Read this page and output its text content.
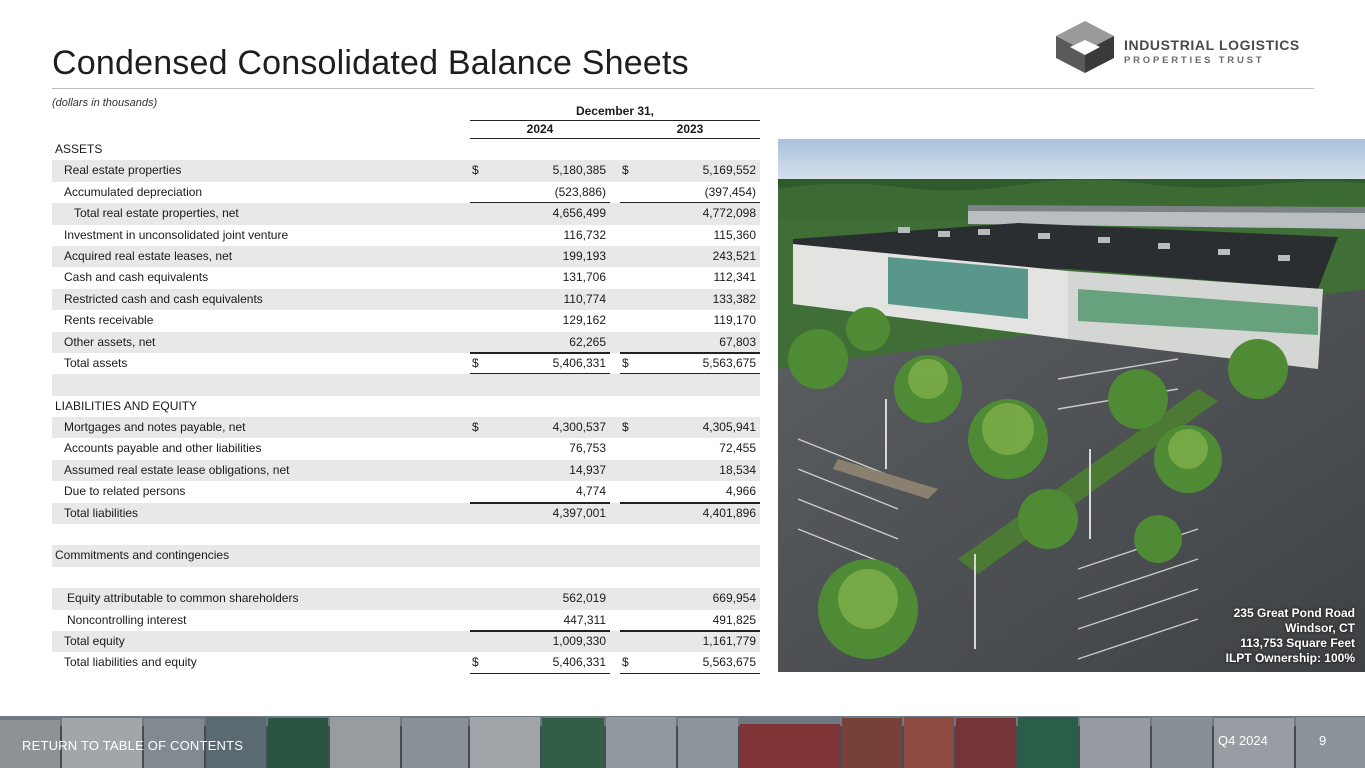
Condensed Consolidated Balance Sheets	INDUSTRIAL LOGISTICS
PROPERTIES TRUST
(dollars in thousands)
December 31,
2024	2023
ASSETS
Real estate properties	$	5,180,385 $	5,169,552
Accumulated depreciation	(523,886)	(397,454)
Total real estate properties, net	4,656,499	4,772,098
Investment in unconsolidated joint venture	116,732	115,360
Acquired real estate leases, net	199,193	243,521
Cash and cash equivalents	131,706	112,341
Restricted cash and cash equivalents	110,774	133,382
Rents receivable	129,162	119,170
Other assets, net	62,265	67,803
Total assets	$	5,406,331 $	5,563,675
LIABILITIES AND EQUITY
Mortgages and notes payable, net	$	4,300,537 $	4,305,941
Accounts payable and other liabilities	76,753	72,455
Assumed real estate lease obligations, net	14,937	18,534
Due to related persons	4,774	4,966
Total liabilities	4,397,001	4,401,896
Commitments and contingencies
Equity attributable to common shareholders	562,019	669,954
Noncontrolling interest	447,311	491,825
Total equity	1,009,330	1,161,779
Total liabilities and equity	$	5,406,331 $	5,563,675
235 Great Pond Road
Windsor, CT
113,753 Square Feet
ILPT Ownership: 100%
RETURN TO TABLE OF CONTENTS	Q4 2024	9
